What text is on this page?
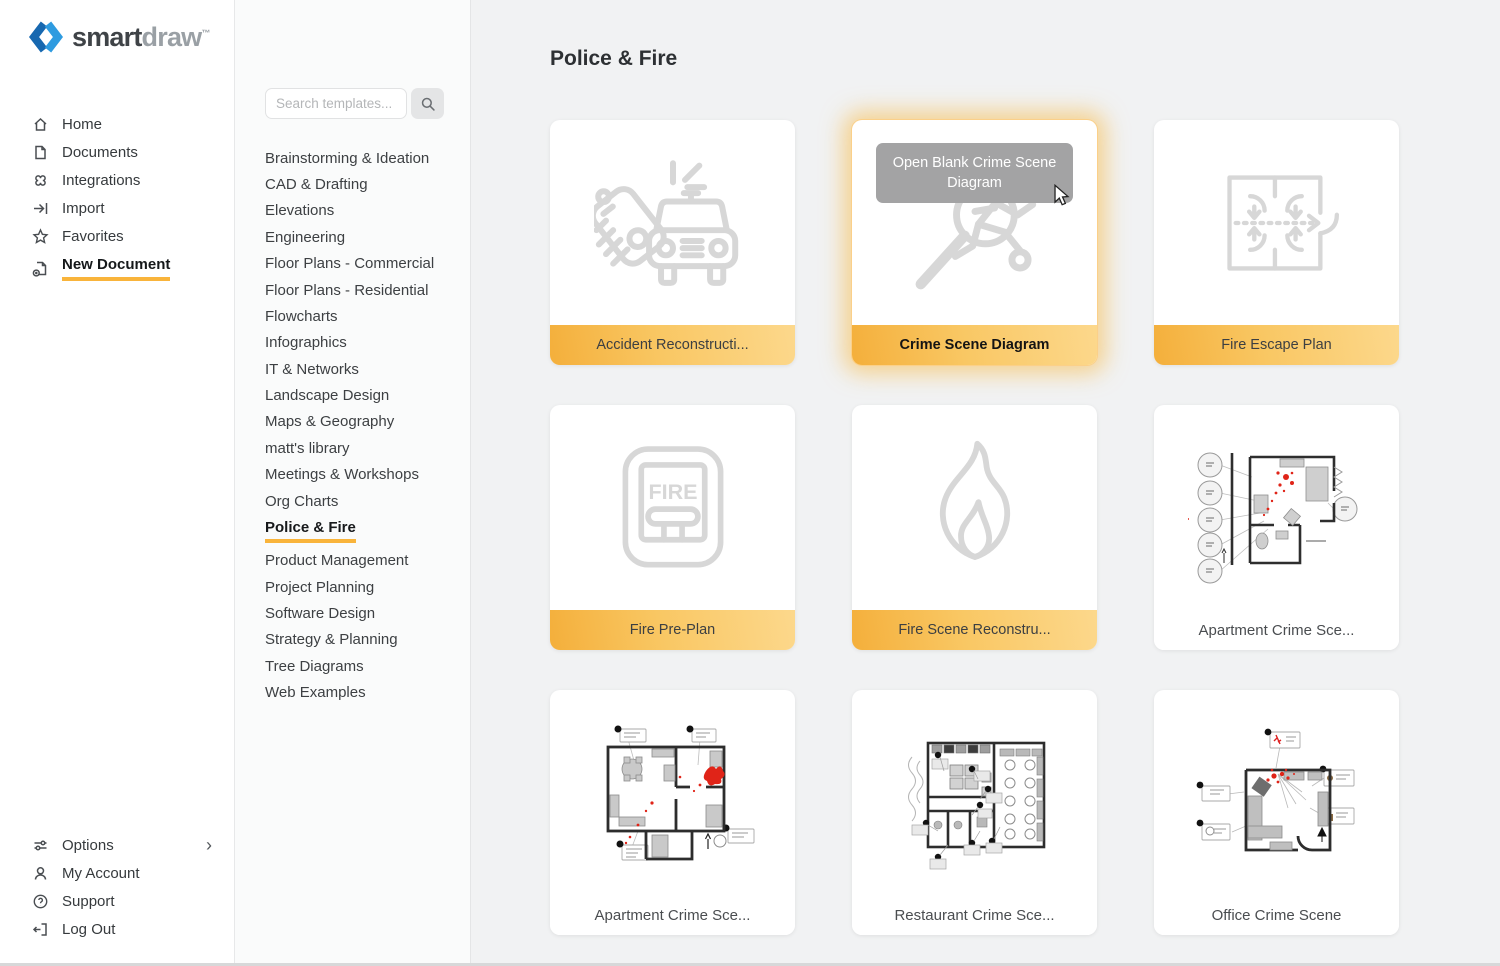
smartdraw™
Home
Documents
Integrations
Import
Favorites
New Document
Options	›
My Account
Support
Log Out
Search templates...
Brainstorming & Ideation
CAD & Drafting
Elevations
Engineering
Floor Plans - Commercial
Floor Plans - Residential
Flowcharts
Infographics
IT & Networks
Landscape Design
Maps & Geography
matt's library
Meetings & Workshops
Org Charts
Police & Fire
Product Management
Project Planning
Software Design
Strategy & Planning
Tree Diagrams
Web Examples
Police & Fire
Accident Reconstructi...
Open Blank Crime Scene Diagram
Crime Scene Diagram	Fire Escape Plan
FIRE
Fire Pre-Plan	Fire Scene Reconstru...	Apartment Crime Sce...
Apartment Crime Sce...	Restaurant Crime Sce...	Office Crime Scene
